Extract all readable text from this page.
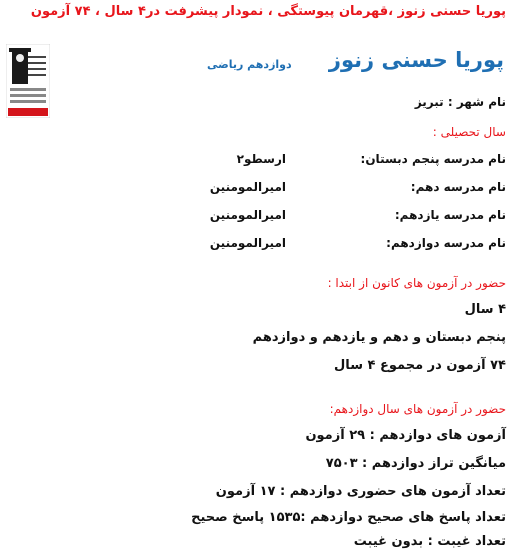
پوریا حسنی زنوز ،قهرمان پیوستگی ، نمودار پیشرفت در۴ سال ، ۷۴ آزمون
پوریا حسنی زنوز
دوازدهم ریاضی
نام شهر : تبریز
سال تحصیلی :
نام مدرسه پنجم دبستان:
ارسطو۲
نام مدرسه دهم:
امیرالمومنین
نام مدرسه یازدهم:
امیرالمومنین
نام مدرسه دوازدهم:
امیرالمومنین
حضور در آزمون های کانون از ابتدا :
۴ سال
پنجم دبستان و دهم و یازدهم و دوازدهم
۷۴ آزمون در مجموع ۴ سال
حضور در آزمون های سال دوازدهم:
آزمون های دوازدهم : ۲۹ آزمون
میانگین تراز دوازدهم : ۷۵۰۳
تعداد آزمون های حضوری دوازدهم : ۱۷ آزمون
تعداد پاسخ های صحیح دوازدهم :۱۵۳۵ پاسخ صحیح
تعداد غیبت : بدون غیبت
